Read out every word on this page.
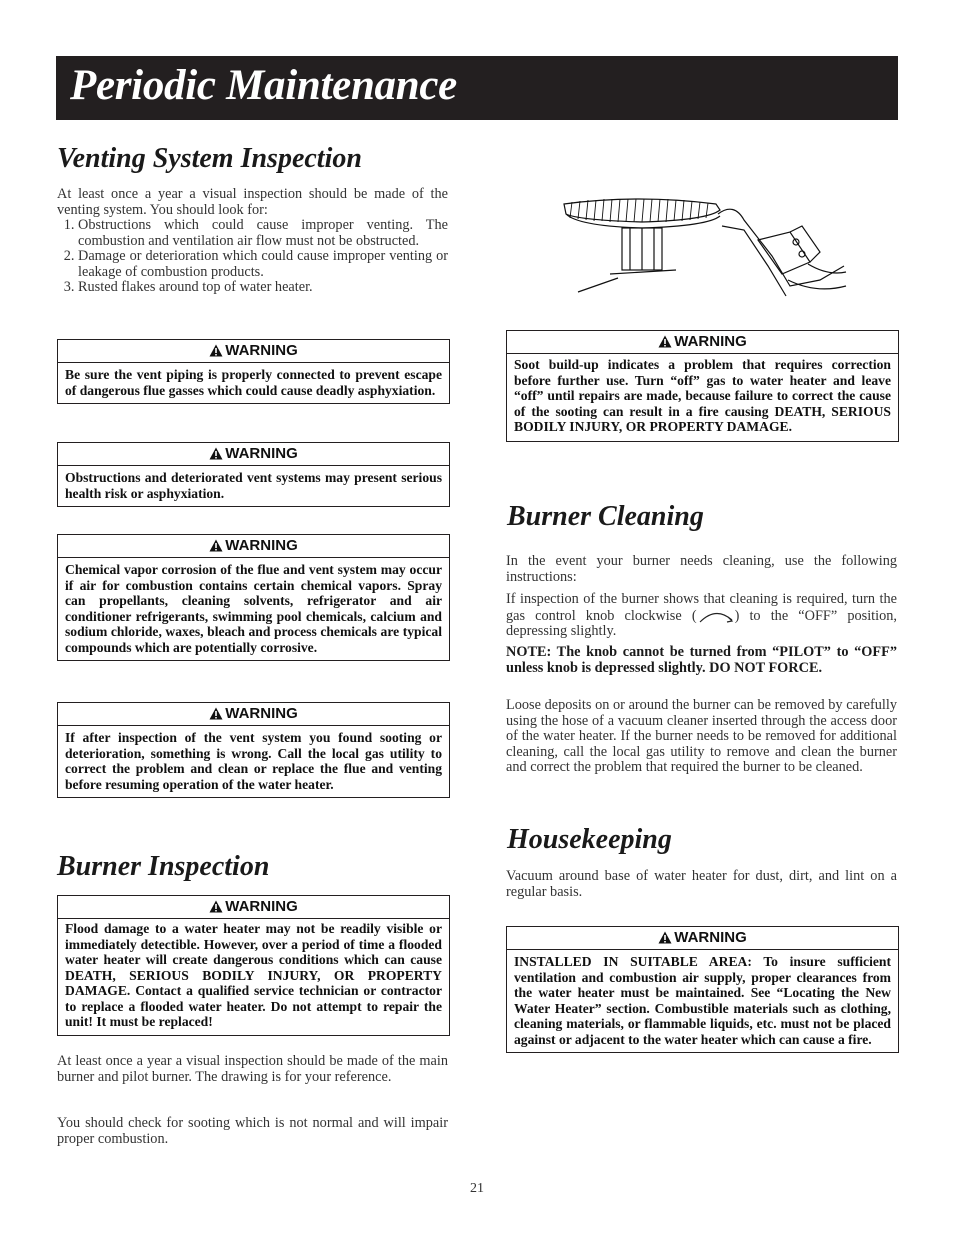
Periodic Maintenance
Venting System Inspection

At least once a year a visual inspection should be made of the venting system. You should look for:

1. Obstructions which could cause improper venting. The combustion and ventilation air flow must not be obstructed.
2. Damage or deterioration which could cause improper venting or leakage of combustion products.
3. Rusted flakes around top of water heater.
WARNING
Be sure the vent piping is properly connected to prevent escape of dangerous flue gasses which could cause deadly asphyxiation.
WARNING
Obstructions and deteriorated vent systems may present serious health risk or asphyxiation.
WARNING
Chemical vapor corrosion of the flue and vent system may occur if air for combustion contains certain chemical vapors. Spray can propellants, cleaning solvents, refrigerator and air conditioner refrigerants, swimming pool chemicals, calcium and sodium chloride, waxes, bleach and process chemicals are typical compounds which are potentially corrosive.
WARNING
If after inspection of the vent system you found sooting or deterioration, something is wrong. Call the local gas utility to correct the problem and clean or replace the flue and venting before resuming operation of the water heater.
Burner Inspection
WARNING
Flood damage to a water heater may not be readily visible or immediately detectible. However, over a period of time a flooded water heater will create dangerous conditions which can cause DEATH, SERIOUS BODILY INJURY, OR PROPERTY DAMAGE. Contact a qualified service technician or contractor to replace a flooded water heater. Do not attempt to repair the unit! It must be replaced!

At least once a year a visual inspection should be made of the main burner and pilot burner. The drawing is for your reference.

You should check for sooting which is not normal and will impair proper combustion.

WARNING
Soot build-up indicates a problem that requires correction before further use. Turn “off” gas to water heater and leave “off” until repairs are made, because failure to correct the cause of the sooting can result in a fire causing DEATH, SERIOUS BODILY INJURY, OR PROPERTY DAMAGE.
Burner Cleaning

In the event your burner needs cleaning, use the following instructions:

If inspection of the burner shows that cleaning is required, turn the gas control knob clockwise (	) to the “OFF” position, depressing slightly.

NOTE: The knob cannot be turned from “PILOT” to “OFF” unless knob is depressed slightly. DO NOT FORCE.

Loose deposits on or around the burner can be removed by carefully using the hose of a vacuum cleaner inserted through the access door of the water heater. If the burner needs to be removed for additional cleaning, call the local gas utility to remove and clean the burner and correct the problem that required the burner to be cleaned.

Housekeeping

Vacuum around base of water heater for dust, dirt, and lint on a regular basis.

WARNING
INSTALLED IN SUITABLE AREA: To insure sufficient ventilation and combustion air supply, proper clearances from the water heater must be maintained. See “Locating the New Water Heater” section. Combustible materials such as clothing, cleaning materials, or flammable liquids, etc. must not be placed against or adjacent to the water heater which can cause a fire.
21
